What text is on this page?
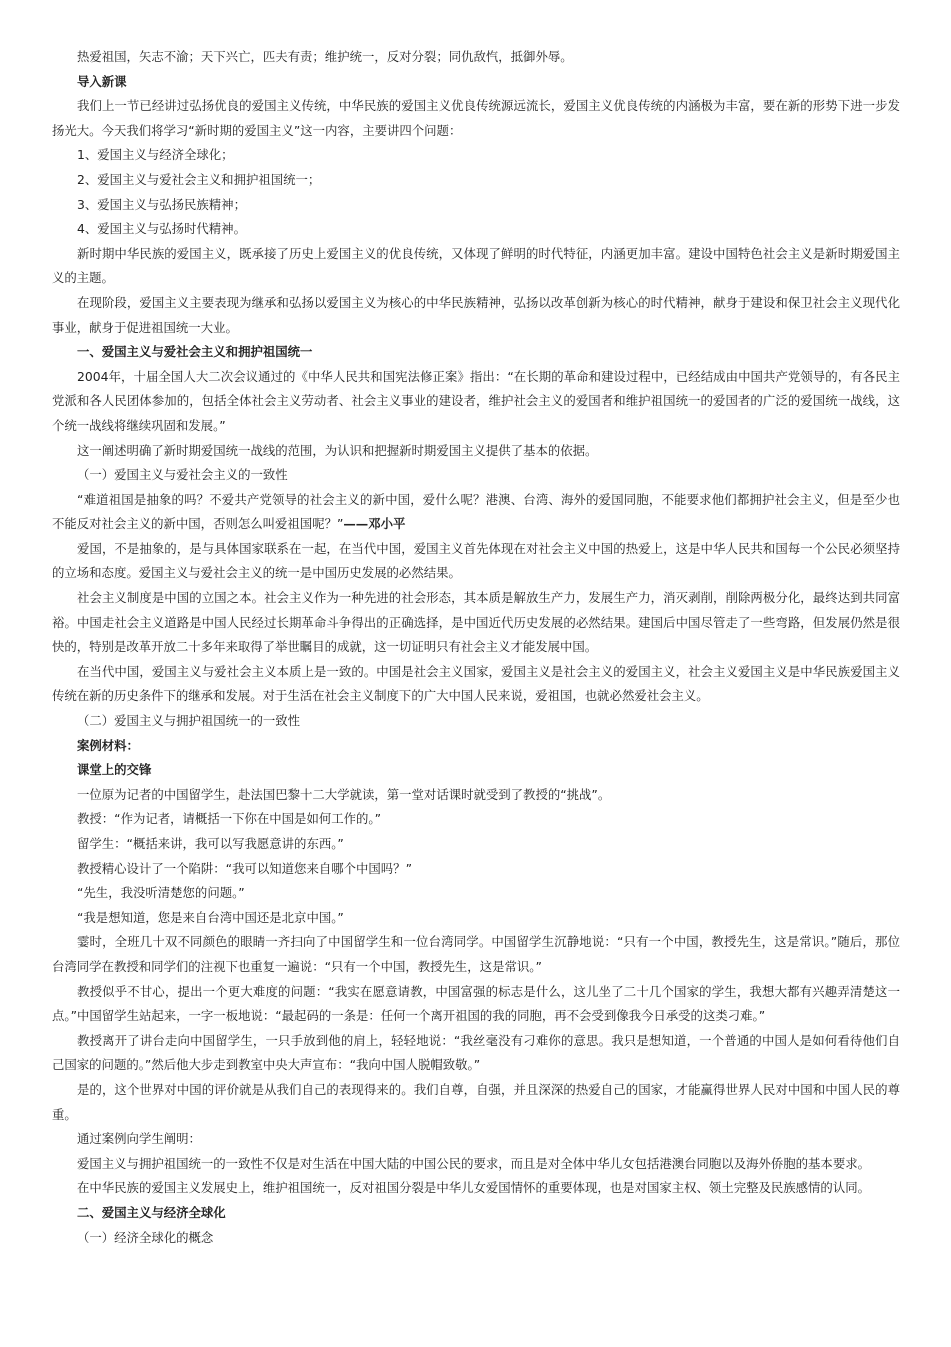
热爱祖国，矢志不渝；天下兴亡，匹夫有责；维护统一，反对分裂；同仇敌忾，抵御外辱。

导入新课

我们上一节已经讲过弘扬优良的爱国主义传统，中华民族的爱国主义优良传统源远流长，爱国主义优良传统的内涵极为丰富，要在新的形势下进一步发扬光大。今天我们将学习“新时期的爱国主义”这一内容，主要讲四个问题：

1、爱国主义与经济全球化；

2、爱国主义与爱社会主义和拥护祖国统一；

3、爱国主义与弘扬民族精神；

4、爱国主义与弘扬时代精神。

新时期中华民族的爱国主义，既承接了历史上爱国主义的优良传统，又体现了鲜明的时代特征，内涵更加丰富。建设中国特色社会主义是新时期爱国主义的主题。

在现阶段，爱国主义主要表现为继承和弘扬以爱国主义为核心的中华民族精神，弘扬以改革创新为核心的时代精神，献身于建设和保卫社会主义现代化事业，献身于促进祖国统一大业。

一、爱国主义与爱社会主义和拥护祖国统一

2004年，十届全国人大二次会议通过的《中华人民共和国宪法修正案》指出：“在长期的革命和建设过程中，已经结成由中国共产党领导的，有各民主党派和各人民团体参加的，包括全体社会主义劳动者、社会主义事业的建设者，维护社会主义的爱国者和维护祖国统一的爱国者的广泛的爱国统一战线，这个统一战线将继续巩固和发展。”

这一阐述明确了新时期爱国统一战线的范围，为认识和把握新时期爱国主义提供了基本的依据。

（一）爱国主义与爱社会主义的一致性

“难道祖国是抽象的吗？不爱共产党领导的社会主义的新中国，爱什么呢？港澳、台湾、海外的爱国同胞，不能要求他们都拥护社会主义，但是至少也不能反对社会主义的新中国，否则怎么叫爱祖国呢？”——邓小平

爱国，不是抽象的，是与具体国家联系在一起，在当代中国，爱国主义首先体现在对社会主义中国的热爱上，这是中华人民共和国每一个公民必须坚持的立场和态度。爱国主义与爱社会主义的统一是中国历史发展的必然结果。

社会主义制度是中国的立国之本。社会主义作为一种先进的社会形态，其本质是解放生产力，发展生产力，消灭剥削，削除两极分化，最终达到共同富裕。中国走社会主义道路是中国人民经过长期革命斗争得出的正确选择，是中国近代历史发展的必然结果。建国后中国尽管走了一些弯路，但发展仍然是很快的，特别是改革开放二十多年来取得了举世瞩目的成就，这一切证明只有社会主义才能发展中国。

在当代中国，爱国主义与爱社会主义本质上是一致的。中国是社会主义国家，爱国主义是社会主义的爱国主义，社会主义爱国主义是中华民族爱国主义传统在新的历史条件下的继承和发展。对于生活在社会主义制度下的广大中国人民来说，爱祖国，也就必然爱社会主义。

（二）爱国主义与拥护祖国统一的一致性

案例材料：

课堂上的交锋

一位原为记者的中国留学生，赴法国巴黎十二大学就读，第一堂对话课时就受到了教授的“挑战”。

教授：“作为记者，请概括一下你在中国是如何工作的。”

留学生：“概括来讲，我可以写我愿意讲的东西。”

教授精心设计了一个陷阱：“我可以知道您来自哪个中国吗？”

“先生，我没听清楚您的问题。”

“我是想知道，您是来自台湾中国还是北京中国。”

霎时，全班几十双不同颜色的眼睛一齐扫向了中国留学生和一位台湾同学。中国留学生沉静地说：“只有一个中国，教授先生，这是常识。”随后，那位台湾同学在教授和同学们的注视下也重复一遍说：“只有一个中国，教授先生，这是常识。”

教授似乎不甘心，提出一个更大难度的问题：“我实在愿意请教，中国富强的标志是什么，这儿坐了二十几个国家的学生，我想大都有兴趣弄清楚这一点。”中国留学生站起来，一字一板地说：“最起码的一条是：任何一个离开祖国的我的同胞，再不会受到像我今日承受的这类刁难。”

教授离开了讲台走向中国留学生，一只手放到他的肩上，轻轻地说：“我丝毫没有刁难你的意思。我只是想知道，一个普通的中国人是如何看待他们自己国家的问题的。”然后他大步走到教室中央大声宣布：“我向中国人脱帽致敬。”

是的，这个世界对中国的评价就是从我们自己的表现得来的。我们自尊，自强，并且深深的热爱自己的国家，才能赢得世界人民对中国和中国人民的尊重。

通过案例向学生阐明：

爱国主义与拥护祖国统一的一致性不仅是对生活在中国大陆的中国公民的要求，而且是对全体中华儿女包括港澳台同胞以及海外侨胞的基本要求。

在中华民族的爱国主义发展史上，维护祖国统一，反对祖国分裂是中华儿女爱国情怀的重要体现，也是对国家主权、领土完整及民族感情的认同。

二、爱国主义与经济全球化

（一）经济全球化的概念
